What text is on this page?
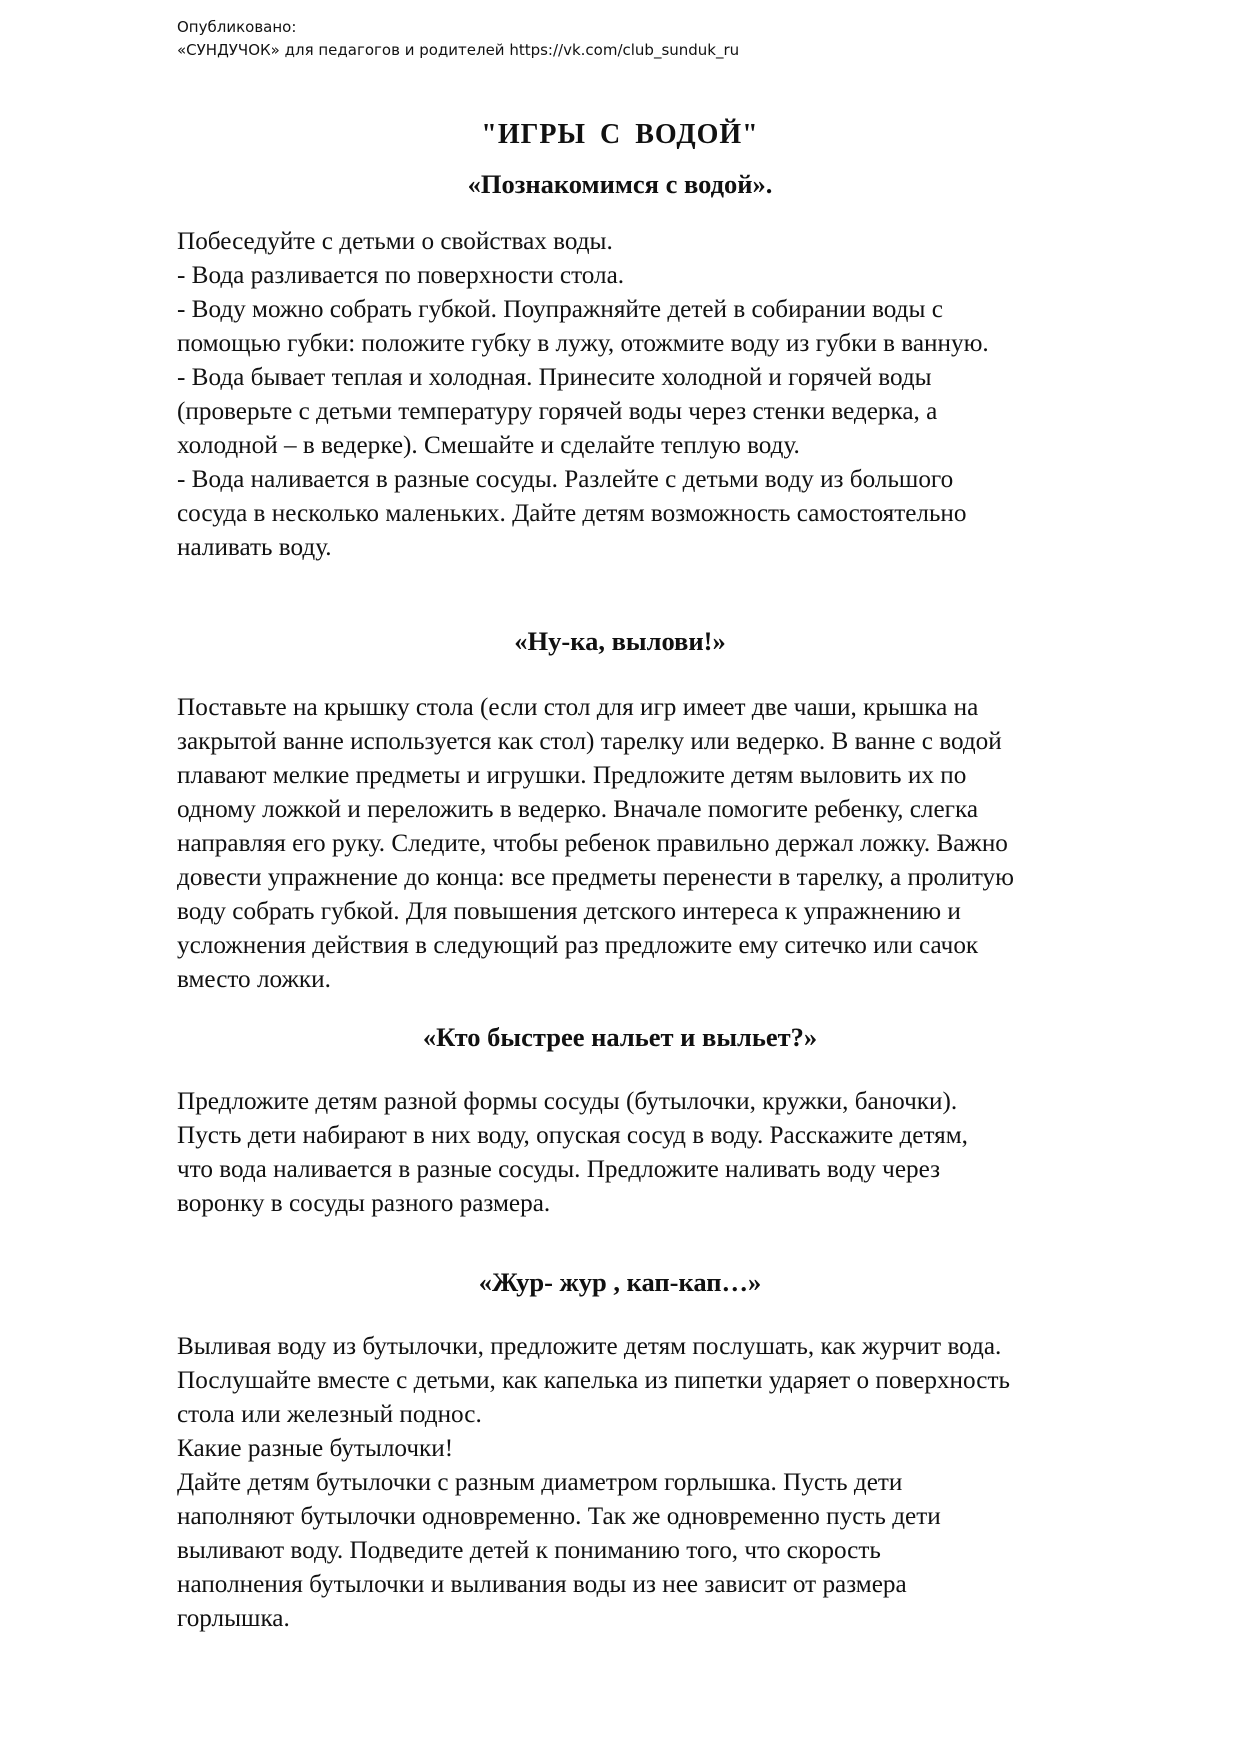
Опубликовано:
«СУНДУЧОК» для педагогов и родителей https://vk.com/club_sunduk_ru
"ИГРЫ С ВОДОЙ"
«Познакомимся с водой».
Побеседуйте с детьми о свойствах воды.
- Вода разливается по поверхности стола.
- Воду можно собрать губкой. Поупражняйте детей в собирании воды с
помощью губки: положите губку в лужу, отожмите воду из губки в ванную.
- Вода бывает теплая и холодная. Принесите холодной и горячей воды
(проверьте с детьми температуру горячей воды через стенки ведерка, а
холодной – в ведерке). Смешайте и сделайте теплую воду.
- Вода наливается в разные сосуды. Разлейте с детьми воду из большого
сосуда в несколько маленьких. Дайте детям возможность самостоятельно
наливать воду.
«Ну-ка, вылови!»
Поставьте на крышку стола (если стол для игр имеет две чаши, крышка на
закрытой ванне используется как стол) тарелку или ведерко. В ванне с водой
плавают мелкие предметы и игрушки. Предложите детям выловить их по
одному ложкой и переложить в ведерко. Вначале помогите ребенку, слегка
направляя его руку. Следите, чтобы ребенок правильно держал ложку. Важно
довести упражнение до конца: все предметы перенести в тарелку, а пролитую
воду собрать губкой. Для повышения детского интереса к упражнению и
усложнения действия в следующий раз предложите ему ситечко или сачок
вместо ложки.
«Кто быстрее нальет и выльет?»
Предложите детям разной формы сосуды (бутылочки, кружки, баночки).
Пусть дети набирают в них воду, опуская сосуд в воду. Расскажите детям,
что вода наливается в разные сосуды. Предложите наливать воду через
воронку в сосуды разного размера.
«Жур- жур , кап-кап…»
Выливая воду из бутылочки, предложите детям послушать, как журчит вода.
Послушайте вместе с детьми, как капелька из пипетки ударяет о поверхность
стола или железный поднос.
Какие разные бутылочки!
Дайте детям бутылочки с разным диаметром горлышка. Пусть дети
наполняют бутылочки одновременно. Так же одновременно пусть дети
выливают воду. Подведите детей к пониманию того, что скорость
наполнения бутылочки и выливания воды из нее зависит от размера
горлышка.
